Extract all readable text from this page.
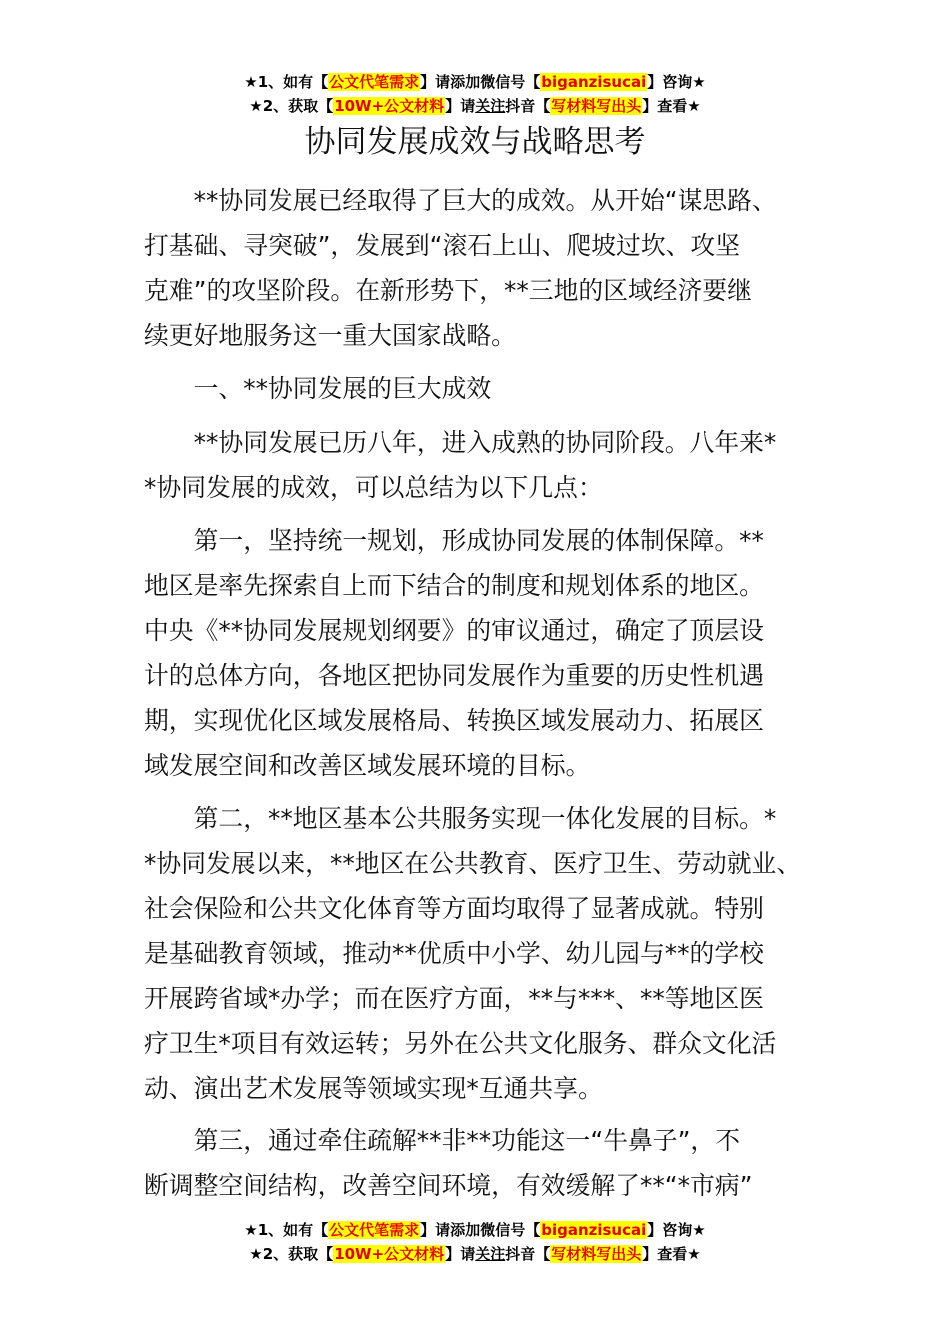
★1、如有【公文代笔需求】请添加微信号【biganzisucai】咨询★
★2、获取【10W+公文材料】请关注抖音【写材料写出头】查看★
协同发展成效与战略思考
　　**协同发展已经取得了巨大的成效。从开始“谋思路、
打基础、寻突破”，发展到“滚石上山、爬坡过坎、攻坚
克难”的攻坚阶段。在新形势下，**三地的区域经济要继
续更好地服务这一重大国家战略。
　　一、**协同发展的巨大成效
　　**协同发展已历八年，进入成熟的协同阶段。八年来*
*协同发展的成效，可以总结为以下几点：
　　第一，坚持统一规划，形成协同发展的体制保障。**
地区是率先探索自上而下结合的制度和规划体系的地区。
中央《**协同发展规划纲要》的审议通过，确定了顶层设
计的总体方向，各地区把协同发展作为重要的历史性机遇
期，实现优化区域发展格局、转换区域发展动力、拓展区
域发展空间和改善区域发展环境的目标。
　　第二，**地区基本公共服务实现一体化发展的目标。*
*协同发展以来，**地区在公共教育、医疗卫生、劳动就业、
社会保险和公共文化体育等方面均取得了显著成就。特别
是基础教育领域，推动**优质中小学、幼儿园与**的学校
开展跨省域*办学；而在医疗方面，**与***、**等地区医
疗卫生*项目有效运转；另外在公共文化服务、群众文化活
动、演出艺术发展等领域实现*互通共享。
　　第三，通过牵住疏解**非**功能这一“牛鼻子”，不
断调整空间结构，改善空间环境，有效缓解了**“*市病”
★1、如有【公文代笔需求】请添加微信号【biganzisucai】咨询★
★2、获取【10W+公文材料】请关注抖音【写材料写出头】查看★
